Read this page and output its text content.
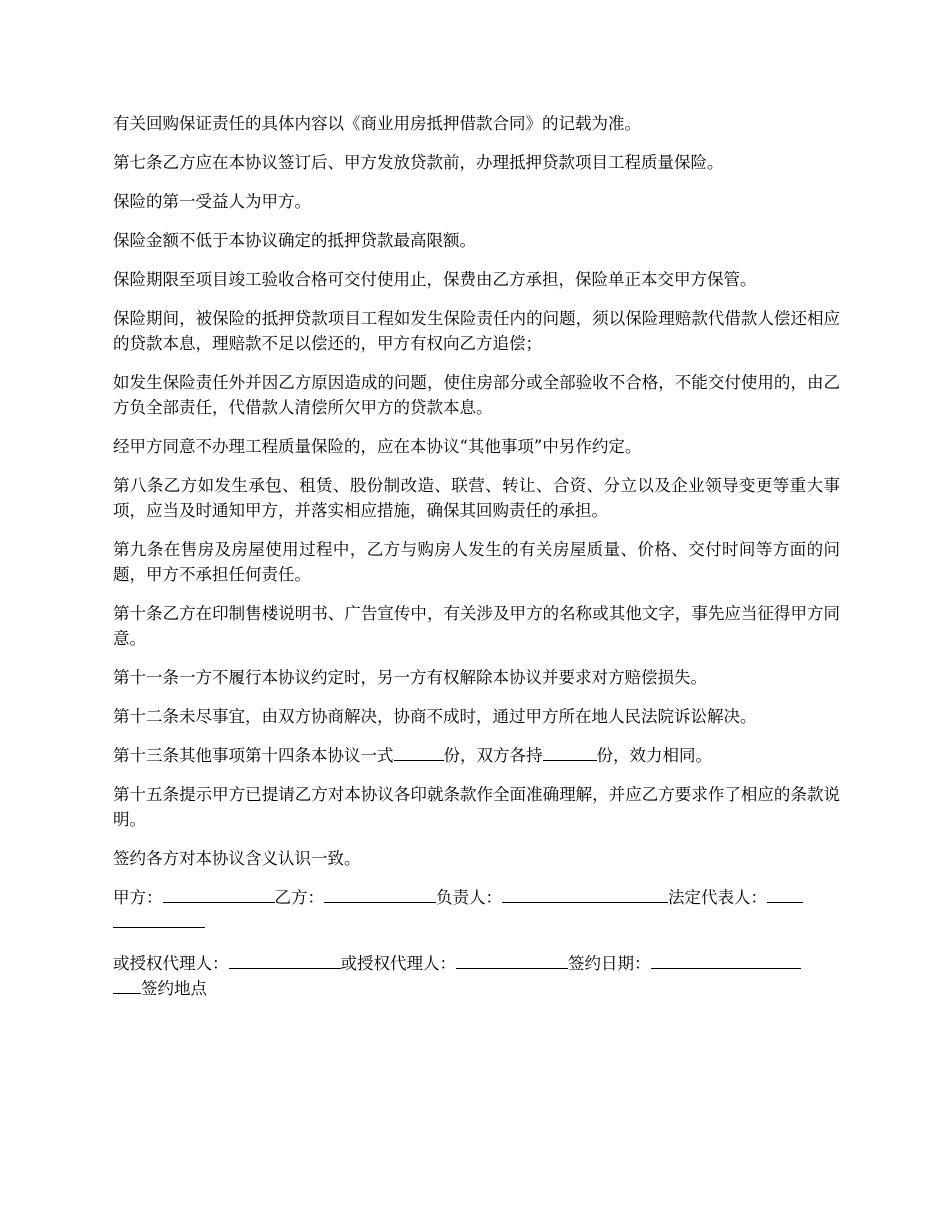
有关回购保证责任的具体内容以《商业用房抵押借款合同》的记载为准。

第七条乙方应在本协议签订后、甲方发放贷款前，办理抵押贷款项目工程质量保险。

保险的第一受益人为甲方。

保险金额不低于本协议确定的抵押贷款最高限额。

保险期限至项目竣工验收合格可交付使用止，保费由乙方承担，保险单正本交甲方保管。

保险期间，被保险的抵押贷款项目工程如发生保险责任内的问题，须以保险理赔款代借款人偿还相应的贷款本息，理赔款不足以偿还的，甲方有权向乙方追偿；

如发生保险责任外并因乙方原因造成的问题，使住房部分或全部验收不合格，不能交付使用的，由乙方负全部责任，代借款人清偿所欠甲方的贷款本息。

经甲方同意不办理工程质量保险的，应在本协议“其他事项”中另作约定。

第八条乙方如发生承包、租赁、股份制改造、联营、转让、合资、分立以及企业领导变更等重大事项，应当及时通知甲方，并落实相应措施，确保其回购责任的承担。

第九条在售房及房屋使用过程中，乙方与购房人发生的有关房屋质量、价格、交付时间等方面的问题，甲方不承担任何责任。

第十条乙方在印制售楼说明书、广告宣传中，有关涉及甲方的名称或其他文字，事先应当征得甲方同意。

第十一条一方不履行本协议约定时，另一方有权解除本协议并要求对方赔偿损失。

第十二条未尽事宜，由双方协商解决，协商不成时，通过甲方所在地人民法院诉讼解决。

第十三条其他事项第十四条本协议一式	份，双方各持	份，效力相同。

第十五条提示甲方已提请乙方对本协议各印就条款作全面准确理解，并应乙方要求作了相应的条款说明。

签约各方对本协议含义认识一致。

甲方：	乙方：	负责人：	法定代表人：
或授权代理人：	或授权代理人：	签约日期：
签约地点
